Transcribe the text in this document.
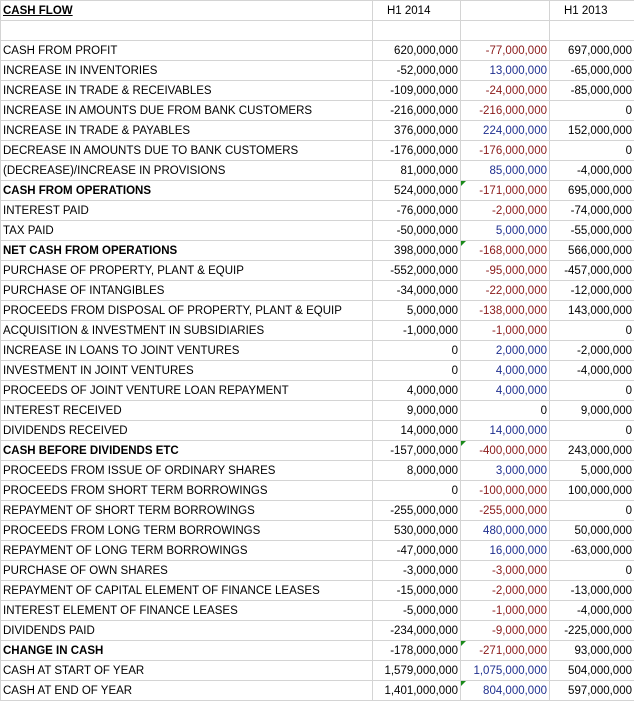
CASH FLOW	H1 2014		H1 2013

CASH FROM PROFIT	620,000,000	-77,000,000	697,000,000
INCREASE IN INVENTORIES	-52,000,000	13,000,000	-65,000,000
INCREASE IN TRADE & RECEIVABLES	-109,000,000	-24,000,000	-85,000,000
INCREASE IN AMOUNTS DUE FROM BANK CUSTOMERS	-216,000,000	-216,000,000	0
INCREASE IN TRADE & PAYABLES	376,000,000	224,000,000	152,000,000
DECREASE IN AMOUNTS DUE TO BANK CUSTOMERS	-176,000,000	-176,000,000	0
(DECREASE)/INCREASE IN PROVISIONS	81,000,000	85,000,000	-4,000,000
CASH FROM OPERATIONS	524,000,000	-171,000,000	695,000,000
INTEREST PAID	-76,000,000	-2,000,000	-74,000,000
TAX PAID	-50,000,000	5,000,000	-55,000,000
NET CASH FROM OPERATIONS	398,000,000	-168,000,000	566,000,000
PURCHASE OF PROPERTY, PLANT & EQUIP	-552,000,000	-95,000,000	-457,000,000
PURCHASE OF INTANGIBLES	-34,000,000	-22,000,000	-12,000,000
PROCEEDS FROM DISPOSAL OF PROPERTY, PLANT & EQUIP	5,000,000	-138,000,000	143,000,000
ACQUISITION & INVESTMENT IN SUBSIDIARIES	-1,000,000	-1,000,000	0
INCREASE IN LOANS TO JOINT VENTURES	0	2,000,000	-2,000,000
INVESTMENT IN JOINT VENTURES	0	4,000,000	-4,000,000
PROCEEDS OF JOINT VENTURE LOAN REPAYMENT	4,000,000	4,000,000	0
INTEREST RECEIVED	9,000,000	0	9,000,000
DIVIDENDS RECEIVED	14,000,000	14,000,000	0
CASH BEFORE DIVIDENDS ETC	-157,000,000	-400,000,000	243,000,000
PROCEEDS FROM ISSUE OF ORDINARY SHARES	8,000,000	3,000,000	5,000,000
PROCEEDS FROM SHORT TERM BORROWINGS	0	-100,000,000	100,000,000
REPAYMENT OF SHORT TERM BORROWINGS	-255,000,000	-255,000,000	0
PROCEEDS FROM LONG TERM BORROWINGS	530,000,000	480,000,000	50,000,000
REPAYMENT OF LONG TERM BORROWINGS	-47,000,000	16,000,000	-63,000,000
PURCHASE OF OWN SHARES	-3,000,000	-3,000,000	0
REPAYMENT OF CAPITAL ELEMENT OF FINANCE LEASES	-15,000,000	-2,000,000	-13,000,000
INTEREST ELEMENT OF FINANCE LEASES	-5,000,000	-1,000,000	-4,000,000
DIVIDENDS PAID	-234,000,000	-9,000,000	-225,000,000
CHANGE IN CASH	-178,000,000	-271,000,000	93,000,000
CASH AT START OF YEAR	1,579,000,000	1,075,000,000	504,000,000
CASH AT END OF YEAR	1,401,000,000	804,000,000	597,000,000
